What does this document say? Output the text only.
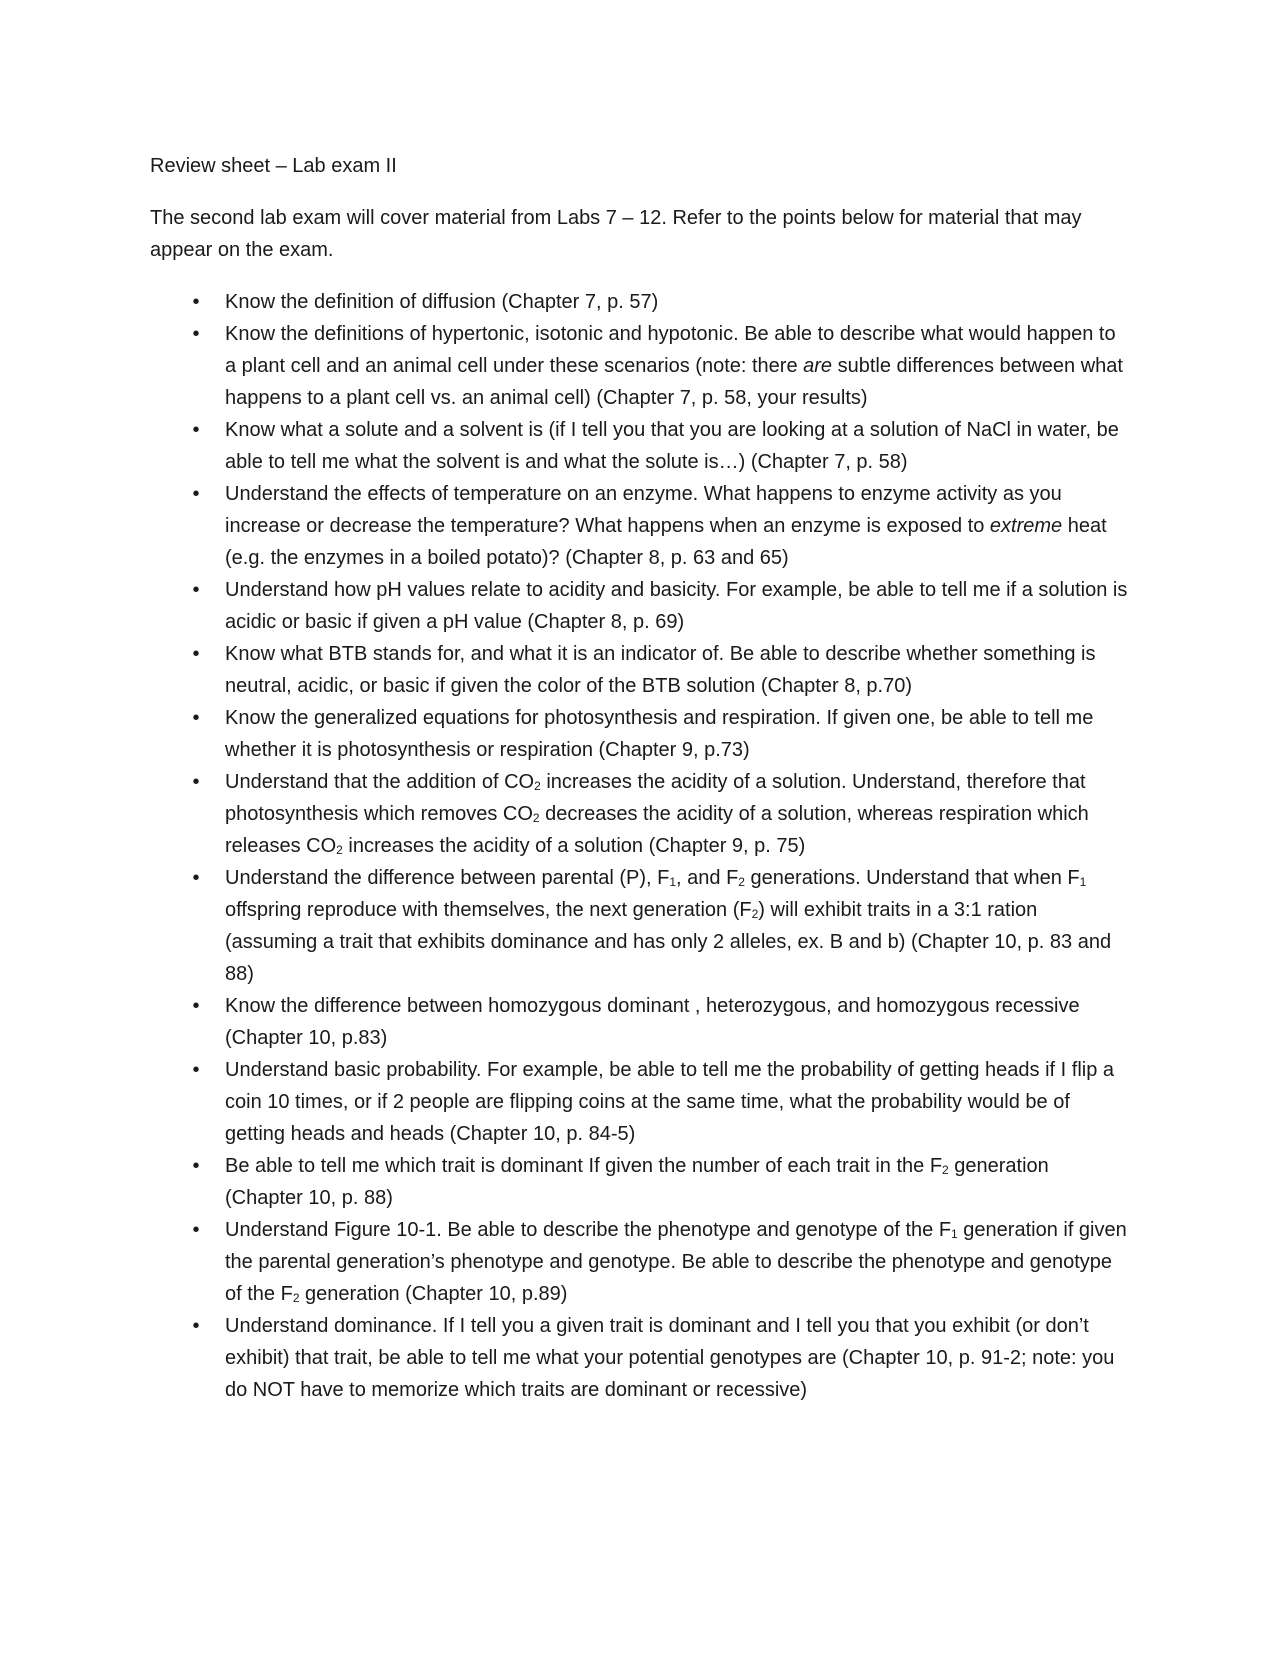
Review sheet – Lab exam II

The second lab exam will cover material from Labs 7 – 12. Refer to the points below for material that may appear on the exam.

•	Know the definition of diffusion (Chapter 7, p. 57)
•	Know the definitions of hypertonic, isotonic and hypotonic. Be able to describe what would happen to a plant cell and an animal cell under these scenarios (note: there are subtle differences between what happens to a plant cell vs. an animal cell) (Chapter 7, p. 58, your results)
•	Know what a solute and a solvent is (if I tell you that you are looking at a solution of NaCl in water, be able to tell me what the solvent is and what the solute is…) (Chapter 7, p. 58)
•	Understand the effects of temperature on an enzyme. What happens to enzyme activity as you increase or decrease the temperature? What happens when an enzyme is exposed to extreme heat (e.g. the enzymes in a boiled potato)? (Chapter 8, p. 63 and 65)
•	Understand how pH values relate to acidity and basicity. For example, be able to tell me if a solution is acidic or basic if given a pH value (Chapter 8, p. 69)
•	Know what BTB stands for, and what it is an indicator of. Be able to describe whether something is neutral, acidic, or basic if given the color of the BTB solution (Chapter 8, p.70)
•	Know the generalized equations for photosynthesis and respiration. If given one, be able to tell me whether it is photosynthesis or respiration (Chapter 9, p.73)
•	Understand that the addition of $CO_2$ increases the acidity of a solution. Understand, therefore that photosynthesis which removes $CO_2$ decreases the acidity of a solution, whereas respiration which releases $CO_2$ increases the acidity of a solution (Chapter 9, p. 75)
•	Understand the difference between parental (P), $F_1$, and $F_2$ generations. Understand that when $F_1$ offspring reproduce with themselves, the next generation $(F_2)$ will exhibit traits in a 3:1 ration (assuming a trait that exhibits dominance and has only 2 alleles, ex. B and b) (Chapter 10, p. 83 and 88)
•	Know the difference between homozygous dominant , heterozygous, and homozygous recessive (Chapter 10, p.83)
•	Understand basic probability. For example, be able to tell me the probability of getting heads if I flip a coin 10 times, or if 2 people are flipping coins at the same time, what the probability would be of getting heads and heads (Chapter 10, p. 84-5)
•	Be able to tell me which trait is dominant If given the number of each trait in the $F_2$ generation (Chapter 10, p. 88)
•	Understand Figure 10-1. Be able to describe the phenotype and genotype of the $F_1$ generation if given the parental generation’s phenotype and genotype. Be able to describe the phenotype and genotype of the $F_2$ generation (Chapter 10, p.89)
•	Understand dominance. If I tell you a given trait is dominant and I tell you that you exhibit (or don’t exhibit) that trait, be able to tell me what your potential genotypes are (Chapter 10, p. 91-2; note: you do NOT have to memorize which traits are dominant or recessive)
